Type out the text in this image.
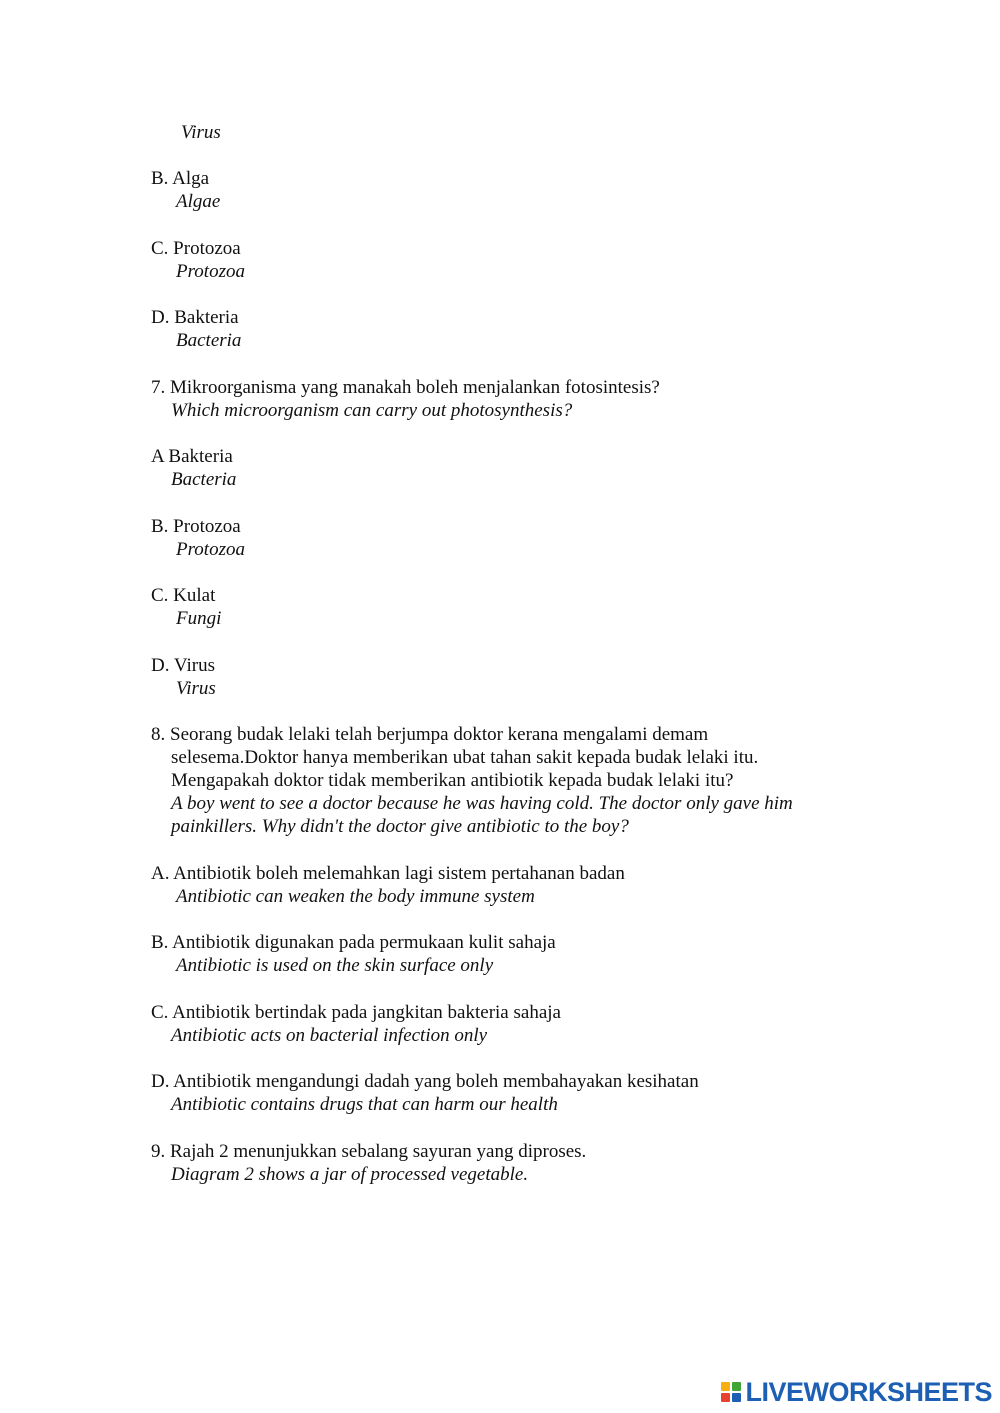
Virus
B. Alga
Algae
C. Protozoa
Protozoa
D. Bakteria
Bacteria
7. Mikroorganisma yang manakah boleh menjalankan fotosintesis?
Which microorganism can carry out photosynthesis?
A Bakteria
Bacteria
B. Protozoa
Protozoa
C. Kulat
Fungi
D. Virus
Virus
8. Seorang budak lelaki telah berjumpa doktor kerana mengalami demam
selesema.Doktor hanya memberikan ubat tahan sakit kepada budak lelaki itu.
Mengapakah doktor tidak memberikan antibiotik kepada budak lelaki itu?
A boy went to see a doctor because he was having cold. The doctor only gave him
painkillers. Why didn't the doctor give antibiotic to the boy?
A. Antibiotik boleh melemahkan lagi sistem pertahanan badan
Antibiotic can weaken the body immune system
B. Antibiotik digunakan pada permukaan kulit sahaja
Antibiotic is used on the skin surface only
C. Antibiotik bertindak pada jangkitan bakteria sahaja
Antibiotic acts on bacterial infection only
D. Antibiotik mengandungi dadah yang boleh membahayakan kesihatan
Antibiotic contains drugs that can harm our health
9. Rajah 2 menunjukkan sebalang sayuran yang diproses.
Diagram 2 shows a jar of processed vegetable.
LIVEWORKSHEETS
